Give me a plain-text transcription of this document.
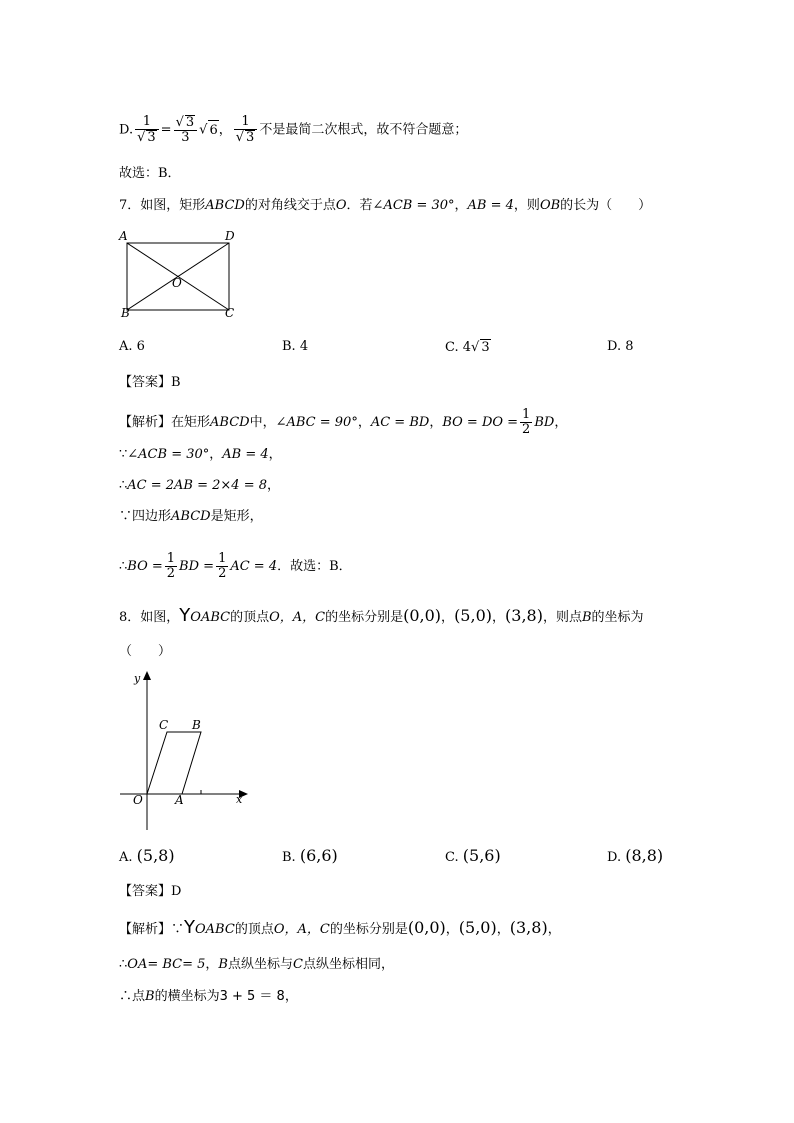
D. $\frac{1}{√ 3} = \frac{√ 3}{3}$ √ 6， $\frac{1}{√ 3}$ 不是最简二次根式，故不符合题意；
故选：B．
7．如图，矩形ABCD的对角线交于点O．若∠ACB = 30°，AB = 4，则OB的长为（　　）
A	D
B	C
O
A. 6	B. 4	C. 4√ 3	D. 8
【答案】B
【解析】在矩形ABCD中，∠ABC = 90°，AC = BD，BO = DO = $\frac{1}{2}$ BD，
∵∠ACB = 30°，AB = 4，
∴AC = 2AB = 2×4 = 8，
∵四边形ABCD是矩形，
∴BO = $\frac{1}{2}$ BD = $\frac{1}{2}$ AC = 4．故选：B．
8．如图，YOABC的顶点O，A，C的坐标分别是(0,0)，(5,0)，(3,8)，则点B的坐标为
（　　）
y
x
O	A
C B
A. (5,8)	B. (6,6)	C. (5,6)	D. (8,8)
【答案】D
【解析】∵YOABC的顶点O，A，C的坐标分别是(0,0)，(5,0)，(3,8)，
∴OA= BC= 5，B点纵坐标与C点纵坐标相同，
∴点B的横坐标为3 + 5 ＝ 8，
